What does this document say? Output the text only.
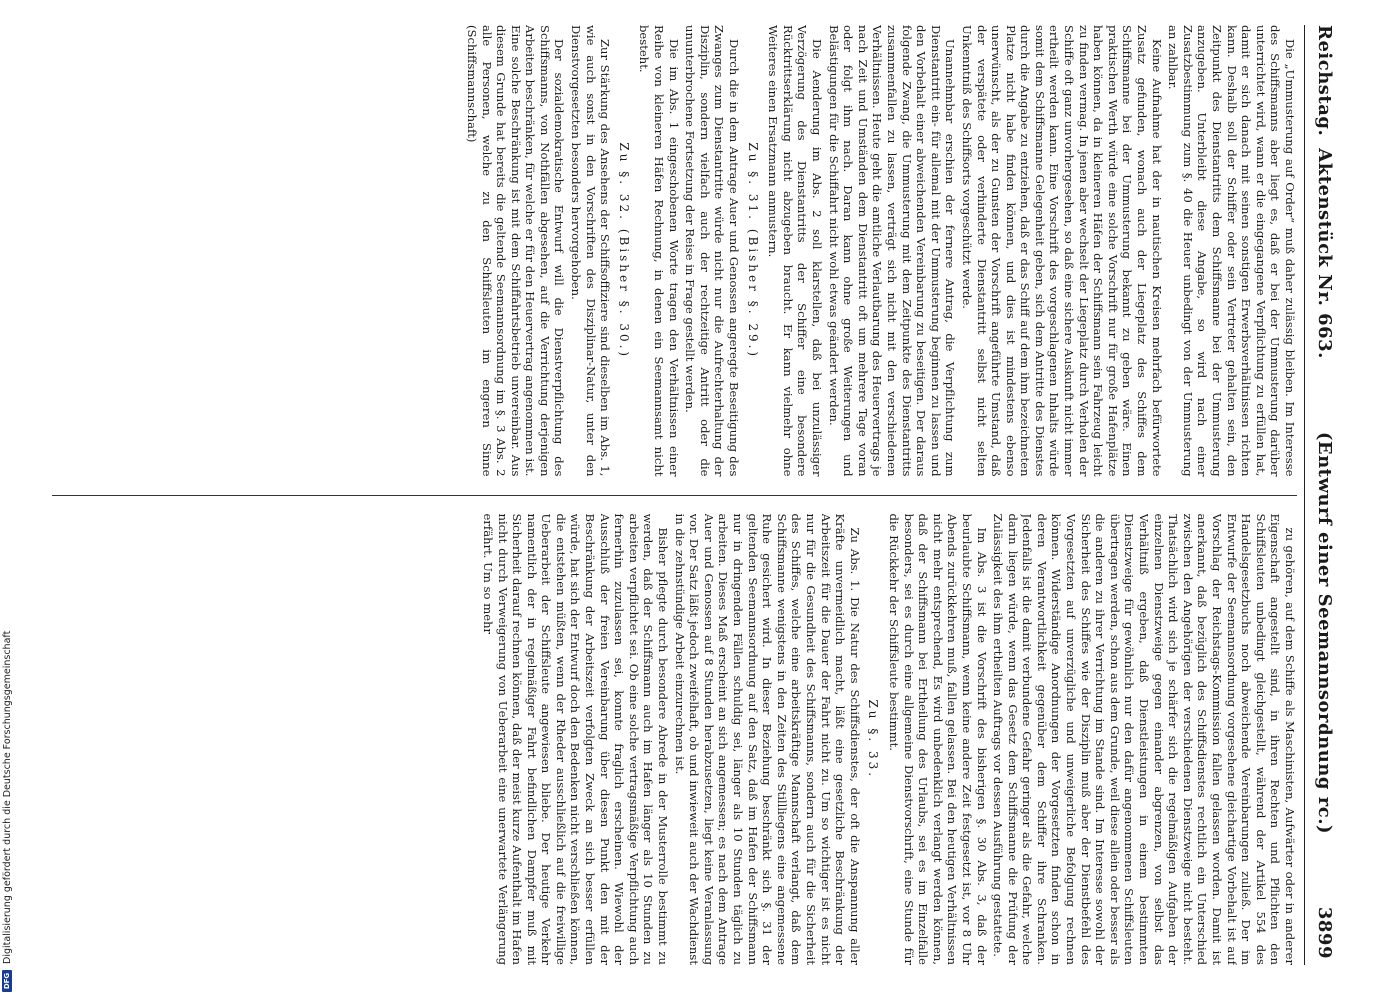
Reichstag.
Aktenstück Nr. 663.
(Entwurf einer Seemannsordnung rc.)
3899

Die „Ummusterung auf Order“ muß daher zulässig bleiben. Im Interesse des Schiffsmanns aber liegt es, daß er bei der Ummusterung darüber unterrichtet wird, wann er die eingegangene Verpflichtung zu erfüllen hat, damit er sich danach mit seinen sonstigen Erwerbsverhältnissen richten kann. Deshalb soll der Schiffer oder sein Vertreter gehalten sein, den Zeitpunkt des Dienstantritts dem Schiffsmanne bei der Ummusterung anzugeben. Unterbleibt diese Angabe, so wird nach einer Zusatzbestimmung zum §. 40 die Heuer unbedingt von der Ummusterung an zahlbar.

Keine Aufnahme hat der in nautischen Kreisen mehrfach befürwortete Zusatz gefunden, wonach auch der Liegeplatz des Schiffes dem Schiffsmanne bei der Ummusterung bekannt zu geben wäre. Einen praktischen Werth würde eine solche Vorschrift nur für große Hafenplätze haben können, da in kleineren Häfen der Schiffsmann sein Fahrzeug leicht zu finden vermag. In jenen aber wechselt der Liegeplatz durch Verholen der Schiffe oft ganz unvorhergesehen, so daß eine sichere Auskunft nicht immer ertheilt werden kann. Eine Vorschrift des vorgeschlagenen Inhalts würde somit dem Schiffsmanne Gelegenheit geben, sich dem Antritte des Dienstes durch die Angabe zu entziehen, daß er das Schiff auf dem ihm bezeichneten Platze nicht habe finden können, und dies ist mindestens ebenso unerwünscht, als der zu Gunsten der Vorschrift angeführte Umstand, daß der verspätete oder verhinderte Dienstantritt selbst nicht selten Unkenntniß des Schiffsorts vorgeschützt werde.

Unannehmbar erschien der fernere Antrag, die Verpflichtung zum Dienstantritt ein- für allemal mit der Ummusterung beginnen zu lassen und den Vorbehalt einer abweichenden Vereinbarung zu beseitigen. Der daraus folgende Zwang, die Ummusterung mit dem Zeitpunkte des Dienstantritts zusammenfallen zu lassen, verträgt sich nicht mit den verschiedenen Verhältnissen. Heute geht die amtliche Verlautbarung des Heuervertrags je nach Zeit und Umständen dem Dienstantritt oft um mehrere Tage voran oder folgt ihm nach. Daran kann ohne große Weiterungen und Belästigungen für die Schiffahrt nicht wohl etwas geändert werden.

Die Aenderung im Abs. 2 soll klarstellen, daß bei unzulässiger Verzögerung des Dienstantritts der Schiffer eine besondere Rücktrittserklärung nicht abzugeben braucht. Er kann vielmehr ohne Weiteres einen Ersatzmann anmustern.

Zu §. 31. (Bisher §. 29.)

Durch die in dem Antrage Auer und Genossen angeregte Beseitigung des Zwanges zum Dienstantritte würde nicht nur die Aufrechterhaltung der Disziplin, sondern vielfach auch der rechtzeitige Antritt oder die ununterbrochene Fortsetzung der Reise in Frage gestellt werden.

Die im Abs. 1 eingeschobenen Worte tragen den Verhältnissen einer Reihe von kleineren Häfen Rechnung, in denen ein Seemannsamt nicht besteht.

Zu §. 32. (Bisher §. 30.)

Zur Stärkung des Ansehens der Schiffsoffiziere sind dieselben im Abs. 1, wie auch sonst in den Vorschriften des Disziplinar-Natur, unter den Dienstvorgesetzten besonders hervorgehoben.

Der sozialdemokratische Entwurf will die Dienstverpflichtung des Schiffsmanns, von Nothfällen abgesehen, auf die Verrichtung derjenigen Arbeiten beschränken, für welche er für den Heuervertrag angenommen ist. Eine solche Beschränkung ist mit dem Schiffahrtsbetrieb unvereinbar. Aus diesem Grunde hat bereits die geltende Seemannsordnung im §. 3 Abs. 2 alle Personen, welche zu den Schiffsleuten im engeren Sinne (Schiffsmannschaft)

zu gehören, auf dem Schiffe als Maschinisten, Aufwärter oder in anderer Eigenschaft angestellt sind, in ihren Rechten und Pflichten den Schiffsleuten unbedingt gleichgestellt, während der Artikel 554 des Handelsgesetzbuchs noch abweichende Vereinbarungen zuließ. Der im Entwurfe der Seemannsordnung vorgesehene gleichartige Vorbehalt ist auf Vorschlag der Reichstags-Kommission fallen gelassen worden. Damit ist anerkannt, daß bezüglich des Schiffsdienstes rechtlich ein Unterschied zwischen den Angehörigen der verschiedenen Dienstzweige nicht besteht. Thatsächlich wird sich je schärfer sich die regelmäßigen Aufgaben der einzelnen Dienstzweige gegen einander abgrenzen, von selbst das Verhältniß ergeben, daß Dienstleistungen in einem bestimmten Dienstzweige für gewöhnlich nur den dafür angenommenen Schiffsleuten übertragen werden, schon aus dem Grunde, weil diese allein oder besser als die anderen zu ihrer Verrichtung im Stande sind. Im Interesse sowohl der Sicherheit des Schiffes wie der Disziplin muß aber der Dienstbefehl des Vorgesetzten auf unverzügliche und unweigerliche Befolgung rechnen können. Widerständige Anordnungen der Vorgesetzten finden schon in deren Verantwortlichkeit gegenüber dem Schiffer ihre Schranken. Jedenfalls ist die damit verbundene Gefahr geringer als die Gefahr, welche darin liegen würde, wenn das Gesetz dem Schiffsmanne die Prüfung der Zulässigkeit des ihm ertheilten Auftrags vor dessen Ausführung gestattete.

Im Abs. 3 ist die Vorschrift des bisherigen §. 30 Abs. 3, daß der beurlaubte Schiffsmann, wenn keine andere Zeit festgesetzt ist, vor 8 Uhr Abends zurückkehren muß, fallen gelassen. Bei den heutigen Verhältnissen nicht mehr entsprechend, Es wird unbedenklich verlangt werden können, daß der Schiffsmann bei Ertheilung des Urlaubs, sei es im Einzelfalle besonders, sei es durch eine allgemeine Dienstvorschrift, eine Stunde für die Rückkehr der Schiffsleute bestimmt.

Zu §. 33.

Zu Abs. 1. Die Natur des Schiffsdienstes, der oft die Anspannung aller Kräfte unvermeidlich macht, läßt eine gesetzliche Beschränkung der Arbeitszeit für die Dauer der Fahrt nicht zu. Um so wichtiger ist es nicht nur für die Gesundheit des Schiffsmanns, sondern auch für die Sicherheit des Schiffes, welche eine arbeitskräftige Mannschaft verlangt, daß dem Schiffsmanne wenigstens in den Zeiten des Stillliegens eine angemessene Ruhe gesichert wird. In dieser Beziehung beschränkt sich §. 31 der geltenden Seemannsordnung auf den Satz, daß im Hafen der Schiffsmann nur in dringenden Fällen schuldig sei, länger als 10 Stunden täglich zu arbeiten. Dieses Maß erscheint an sich angemessen; es nach dem Antrage Auer und Genossen auf 8 Stunden herabzusetzen, liegt keine Veranlassung vor. Der Satz läßt jedoch zweifelhaft, ob und inwieweit auch der Wachdienst in die zehnstündige Arbeit einzurechnen ist.

Bisher pflegte durch besondere Abrede in der Musterrolle bestimmt zu werden, daß der Schiffsmann auch im Hafen länger als 10 Stunden zu arbeiten verpflichtet sei. Ob eine solche vertragsmäßige Verpflichtung auch fernerhin zuzulassen sei, konnte fraglich erscheinen. Wiewohl der Ausschluß der freien Vereinbarung über diesen Punkt den mit der Beschränkung der Arbeitszeit verfolgten Zweck an sich besser erfüllen würde, hat sich der Entwurf doch den Bedenken nicht verschließen können, die entstehen müßten, wenn der Rheder ausschließlich auf die freiwillige Ueberarbeit der Schiffsleute angewiesen bliebe. Der heutige Verkehr namentlich der in regelmäßiger Fahrt befindlichen Dampfer muß mit Sicherheit darauf rechnen können, daß der meist kurze Aufenthalt im Hafen nicht durch Verweigerung von Ueberarbeit eine unerwartete Verlängerung erfährt. Um so mehr

DFG
Digitalisierung gefördert durch die Deutsche Forschungsgemeinschaft
